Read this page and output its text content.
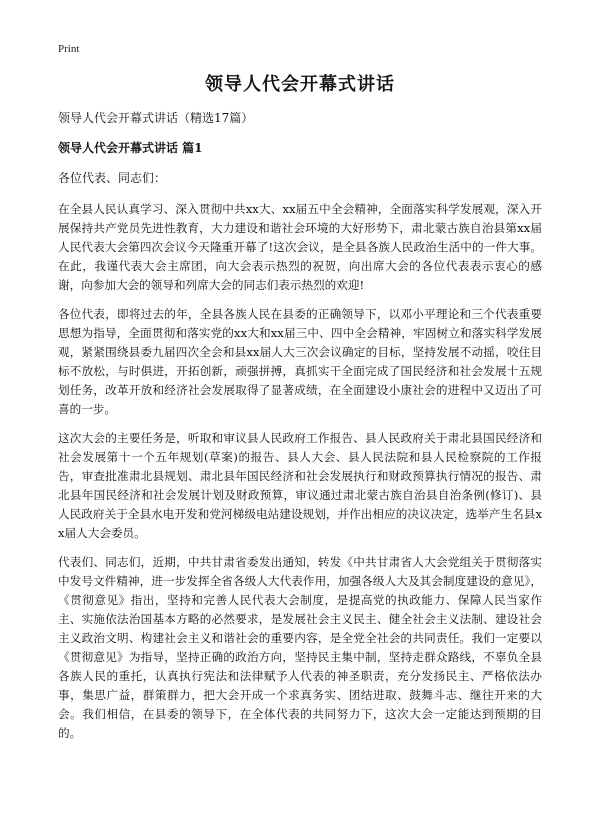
Print
领导人代会开幕式讲话
领导人代会开幕式讲话（精选17篇）
领导人代会开幕式讲话 篇1
各位代表、同志们：
在全县人民认真学习、深入贯彻中共xx大、xx届五中全会精神，全面落实科学发展观，深入开展保持共产党员先进性教育，大力建设和谐社会环境的大好形势下，肃北蒙古族自治县第xx届人民代表大会第四次会议今天隆重开幕了!这次会议，是全县各族人民政治生活中的一件大事。在此，我谨代表大会主席团，向大会表示热烈的祝贺，向出席大会的各位代表表示衷心的感谢，向参加大会的领导和列席大会的同志们表示热烈的欢迎!
各位代表，即将过去的年，全县各族人民在县委的正确领导下，以邓小平理论和三个代表重要思想为指导，全面贯彻和落实党的xx大和xx届三中、四中全会精神，牢固树立和落实科学发展观，紧紧围绕县委九届四次全会和县xx届人大三次会议确定的目标，坚持发展不动摇，咬住目标不放松，与时俱进，开拓创新，顽强拼搏，真抓实干全面完成了国民经济和社会发展十五规划任务，改革开放和经济社会发展取得了显著成绩，在全面建设小康社会的进程中又迈出了可喜的一步。
这次大会的主要任务是，听取和审议县人民政府工作报告、县人民政府关于肃北县国民经济和社会发展第十一个五年规划(草案)的报告、县人大会、县人民法院和县人民检察院的工作报告，审查批准肃北县规划、肃北县年国民经济和社会发展执行和财政预算执行情况的报告、肃北县年国民经济和社会发展计划及财政预算，审议通过肃北蒙古族自治县自治条例(修订)、县人民政府关于全县水电开发和党河梯级电站建设规划，并作出相应的决议决定，选举产生名县xx届人大会委员。
代表们、同志们，近期，中共甘肃省委发出通知，转发《中共甘肃省人大会党组关于贯彻落实中发号文件精神，进一步发挥全省各级人大代表作用，加强各级人大及其会制度建设的意见》，《贯彻意见》指出，坚持和完善人民代表大会制度，是提高党的执政能力、保障人民当家作主、实施依法治国基本方略的必然要求，是发展社会主义民主、健全社会主义法制、建设社会主义政治文明、构建社会主义和谐社会的重要内容，是全党全社会的共同责任。我们一定要以《贯彻意见》为指导，坚持正确的政治方向，坚持民主集中制，坚持走群众路线，不辜负全县各族人民的重托，认真执行宪法和法律赋予人代表的神圣职责，充分发扬民主、严格依法办事，集思广益，群策群力，把大会开成一个求真务实、团结进取、鼓舞斗志、继往开来的大会。我们相信，在县委的领导下，在全体代表的共同努力下，这次大会一定能达到预期的目的。
